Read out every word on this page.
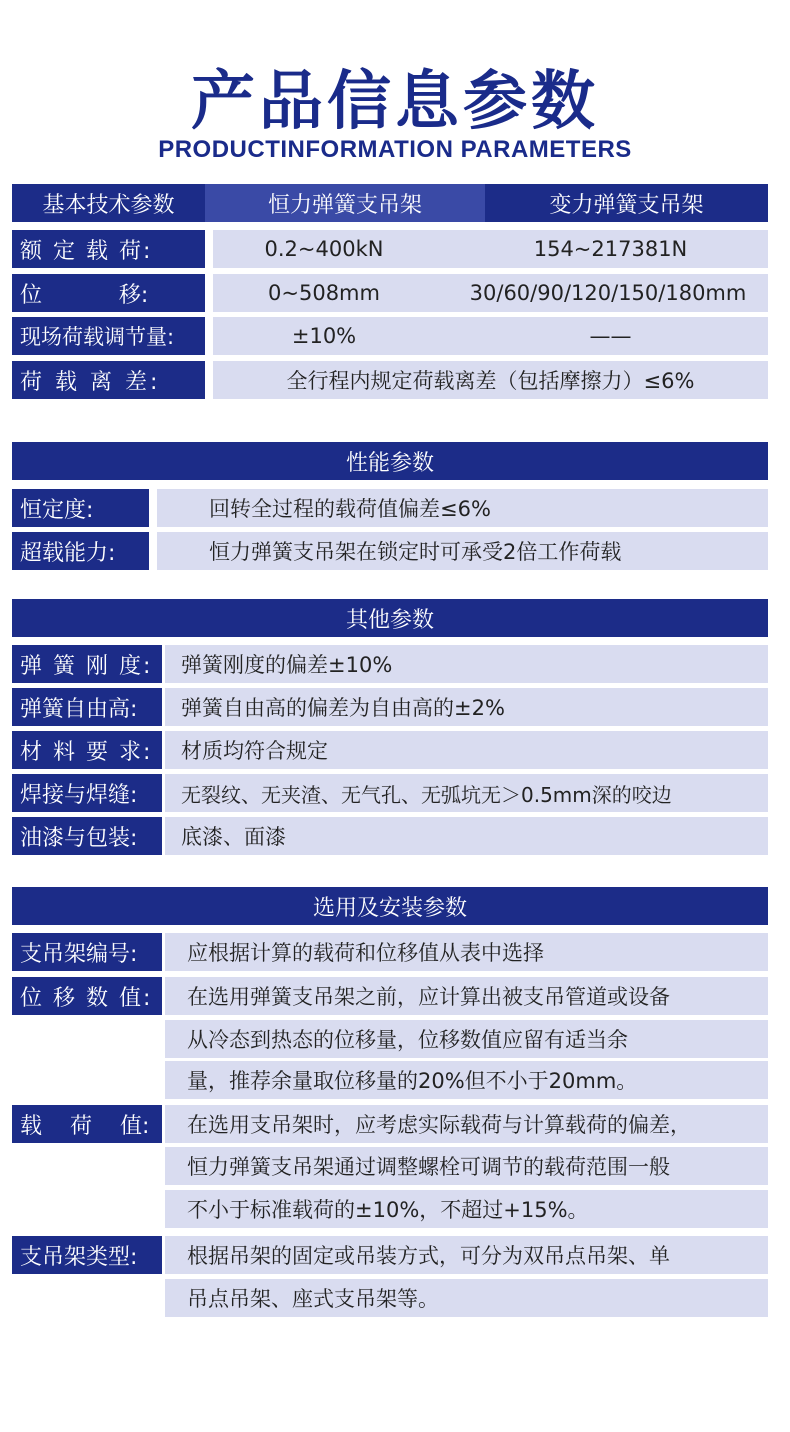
产品信息参数
PRODUCTINFORMATION PARAMETERS
基本技术参数	恒力弹簧支吊架	变力弹簧支吊架
额 定 载 荷:	0.2~400kN	154~217381N
位           移:	0~508mm	30/60/90/120/150/180mm
现场荷载调节量:	±10%	——
荷 载 离 差:	全行程内规定荷载离差（包括摩擦力）≤6%
性能参数
恒定度:	回转全过程的载荷值偏差≤6%
超载能力:	恒力弹簧支吊架在锁定时可承受2倍工作荷载
其他参数
弹 簧 刚 度:	弹簧刚度的偏差±10%
弹簧自由高:	弹簧自由高的偏差为自由高的±2%
材 料 要 求:	材质均符合规定
焊接与焊缝:	无裂纹、无夹渣、无气孔、无弧坑无＞0.5mm深的咬边
油漆与包装:	底漆、面漆
选用及安装参数
支吊架编号:	应根据计算的载荷和位移值从表中选择
位 移 数 值:	在选用弹簧支吊架之前，应计算出被支吊管道或设备
从冷态到热态的位移量，位移数值应留有适当余
量，推荐余量取位移量的20%但不小于20mm。
载    荷    值:	在选用支吊架时，应考虑实际载荷与计算载荷的偏差，
恒力弹簧支吊架通过调整螺栓可调节的载荷范围一般
不小于标准载荷的±10%，不超过+15%。
支吊架类型:	根据吊架的固定或吊装方式，可分为双吊点吊架、单
吊点吊架、座式支吊架等。
